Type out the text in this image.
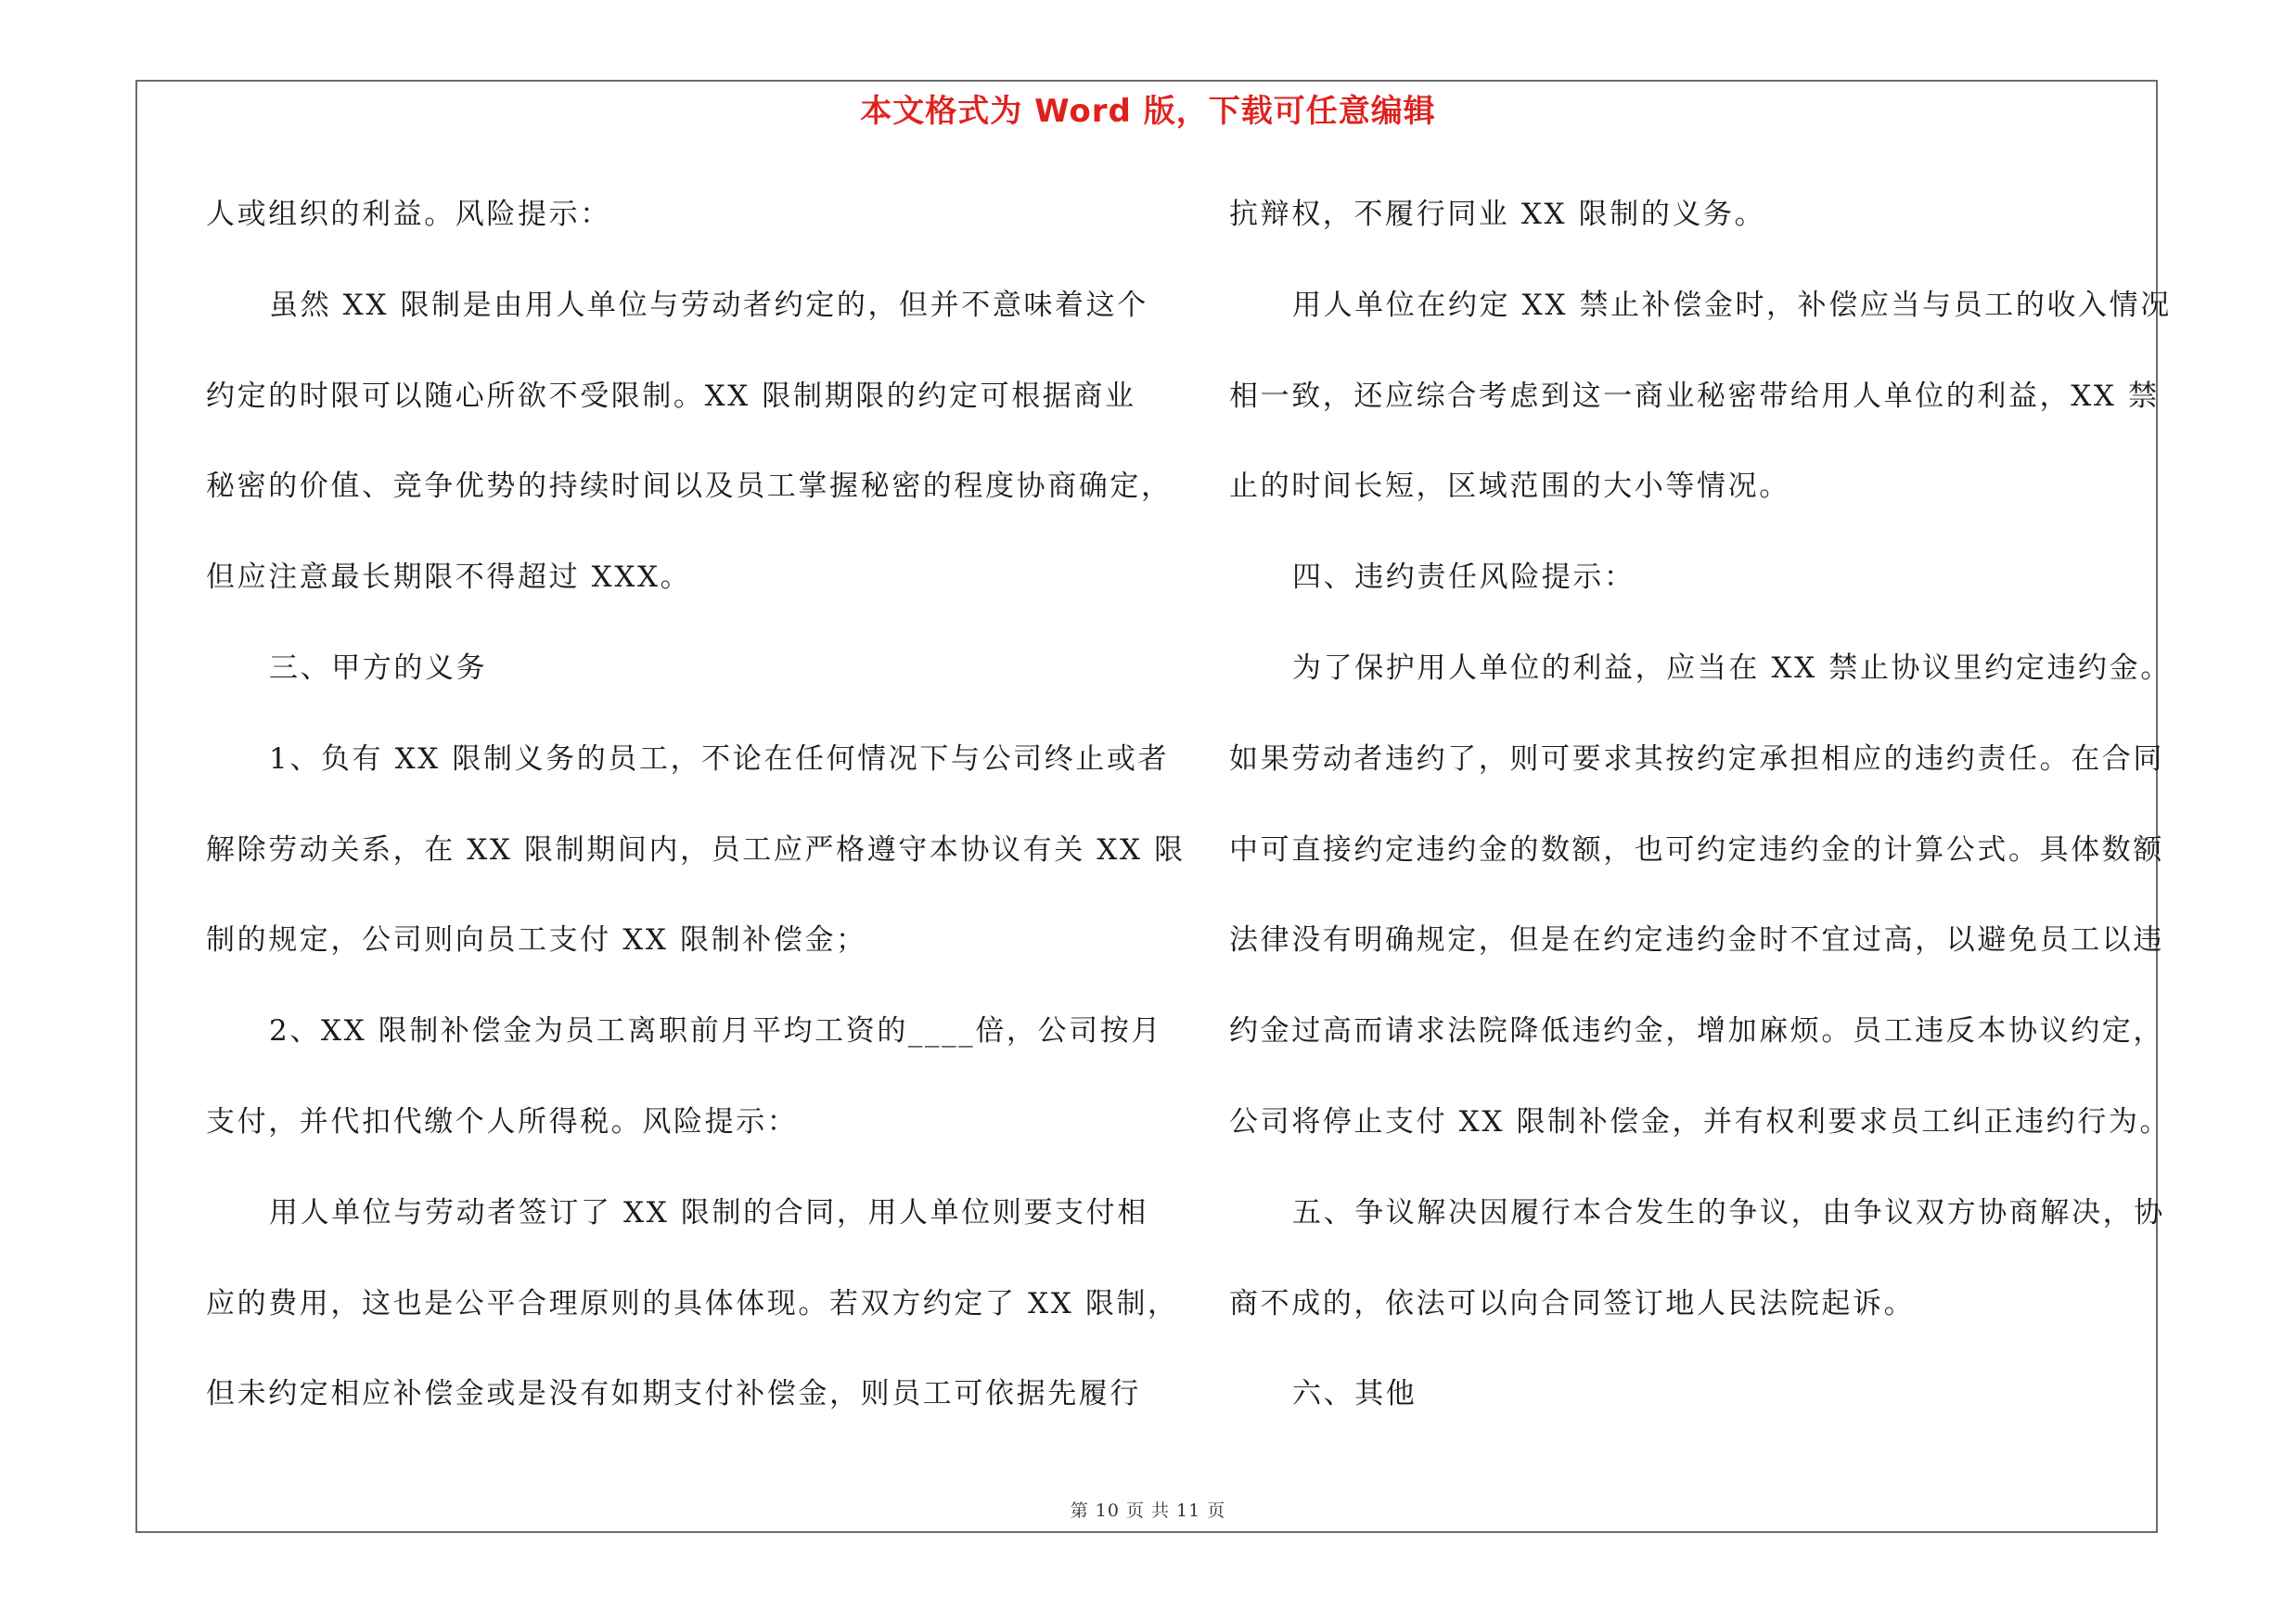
本文格式为 Word 版，下载可任意编辑
人或组织的利益。风险提示：
虽然 XX 限制是由用人单位与劳动者约定的，但并不意味着这个
约定的时限可以随心所欲不受限制。XX 限制期限的约定可根据商业
秘密的价值、竞争优势的持续时间以及员工掌握秘密的程度协商确定，
但应注意最长期限不得超过 XXX。
三、甲方的义务
1、负有 XX 限制义务的员工，不论在任何情况下与公司终止或者
解除劳动关系，在 XX 限制期间内，员工应严格遵守本协议有关 XX 限
制的规定，公司则向员工支付 XX 限制补偿金；
2、XX 限制补偿金为员工离职前月平均工资的____倍，公司按月
支付，并代扣代缴个人所得税。风险提示：
用人单位与劳动者签订了 XX 限制的合同，用人单位则要支付相
应的费用，这也是公平合理原则的具体体现。若双方约定了 XX 限制，
但未约定相应补偿金或是没有如期支付补偿金，则员工可依据先履行
抗辩权，不履行同业 XX 限制的义务。
用人单位在约定 XX 禁止补偿金时，补偿应当与员工的收入情况
相一致，还应综合考虑到这一商业秘密带给用人单位的利益，XX 禁
止的时间长短，区域范围的大小等情况。
四、违约责任风险提示：
为了保护用人单位的利益，应当在 XX 禁止协议里约定违约金。
如果劳动者违约了，则可要求其按约定承担相应的违约责任。在合同
中可直接约定违约金的数额，也可约定违约金的计算公式。具体数额
法律没有明确规定，但是在约定违约金时不宜过高，以避免员工以违
约金过高而请求法院降低违约金，增加麻烦。员工违反本协议约定，
公司将停止支付 XX 限制补偿金，并有权利要求员工纠正违约行为。
五、争议解决因履行本合发生的争议，由争议双方协商解决，协
商不成的，依法可以向合同签订地人民法院起诉。
六、其他
第 10 页 共 11 页
